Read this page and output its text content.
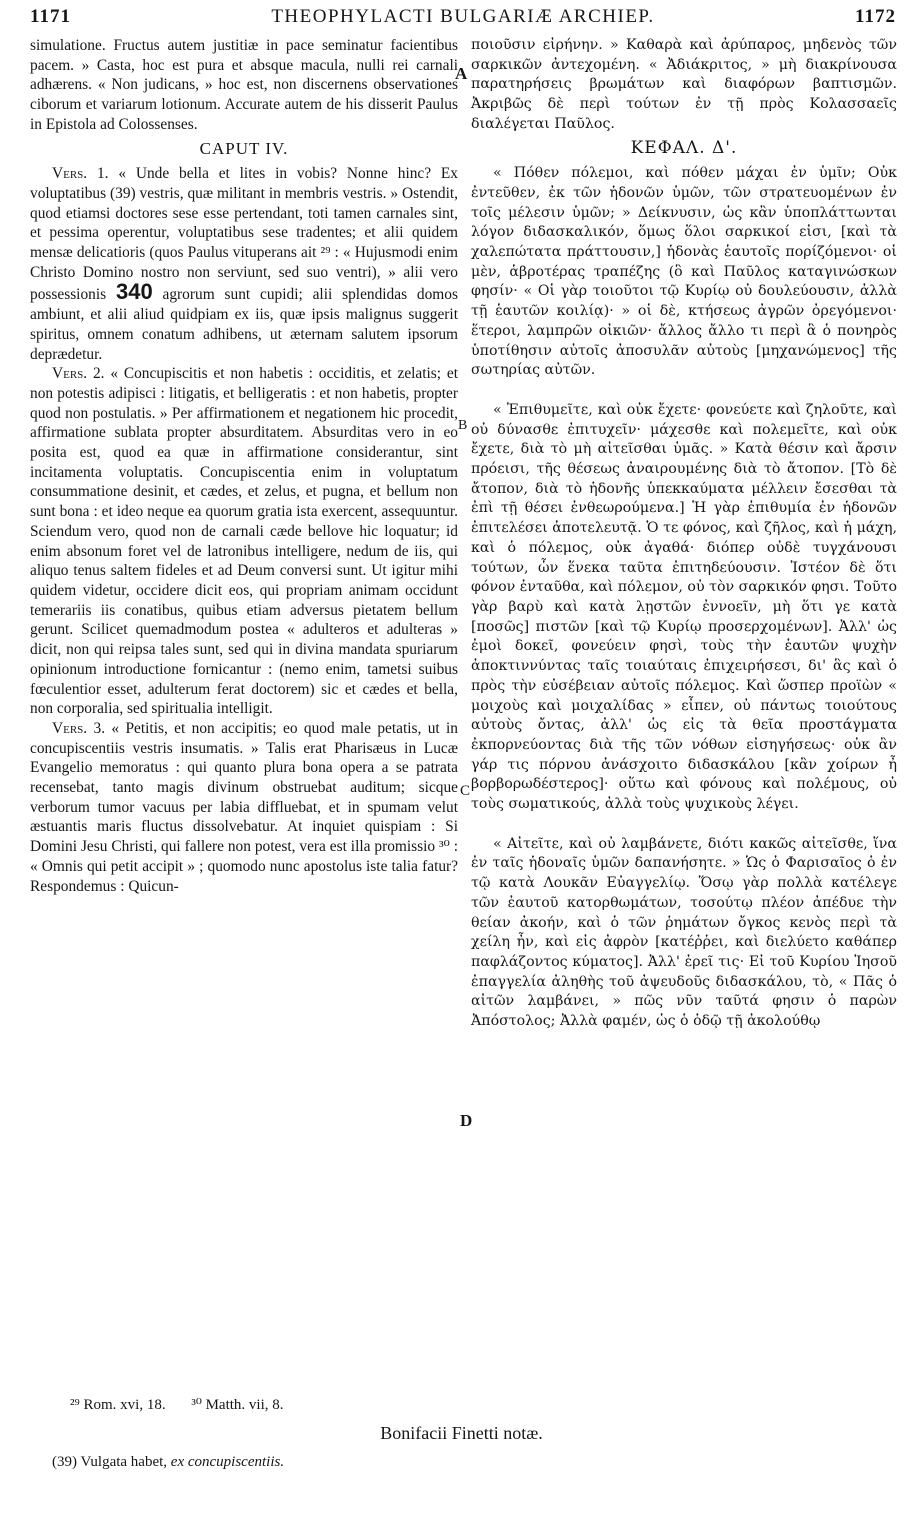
1171	THEOPHYLACTI BULGARIÆ ARCHIEP.	1172

simulatione. Fructus autem justitiæ in pace seminatur facientibus pacem. » Casta, hoc est pura et absque macula, nulli rei carnali adhærens. « Non judicans, » hoc est, non discernens observationes ciborum et variarum lotionum. Accurate autem de his disserit Paulus in Epistola ad Colossenses.

CAPUT IV.

Vers. 1. « Unde bella et lites in vobis? Nonne hinc? Ex voluptatibus (39) vestris, quæ militant in membris vestris. » Ostendit, quod etiamsi doctores sese esse pertendant, toti tamen carnales sint, et pessima operentur, voluptatibus sese tradentes; et alii quidem mensæ delicatioris (quos Paulus vituperans ait ²⁹ : « Hujusmodi enim Christo Domino nostro non serviunt, sed suo ventri), » alii vero possessionis 340 agrorum sunt cupidi; alii splendidas domos ambiunt, et alii aliud quidpiam ex iis, quæ ipsis malignus suggerit spiritus, omnem conatum adhibens, ut æternam salutem ipsorum deprædetur.

Vers. 2. « Concupiscitis et non habetis : occiditis, et zelatis; et non potestis adipisci : litigatis, et belligeratis : et non habetis, propter quod non postulatis. » Per affirmationem et negationem hic procedit, affirmatione sublata propter absurditatem. Absurditas vero in eo posita est, quod ea quæ in affirmatione considerantur, sint incitamenta voluptatis. Concupiscentia enim in voluptatum consummatione desinit, et cædes, et zelus, et pugna, et bellum non sunt bona : et ideo neque ea quorum gratia ista exercent, assequuntur. Sciendum vero, quod non de carnali cæde bellove hic loquatur; id enim absonum foret vel de latronibus intelligere, nedum de iis, qui aliquo tenus saltem fideles et ad Deum conversi sunt. Ut igitur mihi quidem videtur, occidere dicit eos, qui propriam animam occidunt temerariis iis conatibus, quibus etiam adversus pietatem bellum gerunt. Scilicet quemadmodum postea « adulteros et adulteras » dicit, non qui reipsa tales sunt, sed qui in divina mandata spuriarum opinionum introductione fornicantur : (nemo enim, tametsi suibus fœculentior esset, adulterum ferat doctorem) sic et cædes et bella, non corporalia, sed spiritualia intelligit.

Vers. 3. « Petitis, et non accipitis; eo quod male petatis, ut in concupiscentiis vestris insumatis. » Talis erat Pharisæus in Lucæ Evangelio memoratus : qui quanto plura bona opera a se patrata recensebat, tanto magis divinum obstruebat auditum; sicque verborum tumor vacuus per labia diffluebat, et in spumam velut æstuantis maris fluctus dissolvebatur. At inquiet quispiam : Si Domini Jesu Christi, qui fallere non potest, vera est illa promissio ³⁰ : « Omnis qui petit accipit » ; quomodo nunc apostolus iste talia fatur? Respondemus : Quicun-

A
B
C
D

ποιοῦσιν εἰρήνην. » Καθαρὰ καὶ ἀρύπαρος, μηδενὸς τῶν σαρκικῶν ἀντεχομένη. « Ἀδιάκριτος, » μὴ διακρίνουσα παρατηρήσεις βρωμάτων καὶ διαφόρων βαπτισμῶν. Ἀκριβῶς δὲ περὶ τούτων ἐν τῇ πρὸς Κολασσαεῖς διαλέγεται Παῦλος.

ΚΕΦΑΛ. Δ'.

« Πόθεν πόλεμοι, καὶ πόθεν μάχαι ἐν ὑμῖν; Οὐκ ἐντεῦθεν, ἐκ τῶν ἡδονῶν ὑμῶν, τῶν στρατευομένων ἐν τοῖς μέλεσιν ὑμῶν; » Δείκνυσιν, ὡς κἂν ὑποπλάττωνται λόγον διδασκαλικόν, ὅμως ὅλοι σαρκικοί εἰσι, [καὶ τὰ χαλεπώτατα πράττουσιν,] ἡδονὰς ἑαυτοῖς πορίζόμενοι· οἱ μὲν, ἁβροτέρας τραπέζης (ὃ καὶ Παῦλος καταγινώσκων φησίν· « Οἱ γὰρ τοιοῦτοι τῷ Κυρίῳ οὐ δουλεύουσιν, ἀλλὰ τῇ ἑαυτῶν κοιλίᾳ)· » οἱ δὲ, κτήσεως ἀγρῶν ὀρεγόμενοι· ἕτεροι, λαμπρῶν οἰκιῶν· ἄλλος ἄλλο τι περὶ ἃ ὁ πονηρὸς ὑποτίθησιν αὐτοῖς ἀποσυλᾶν αὐτοὺς [μηχανώμενος] τῆς σωτηρίας αὐτῶν.

« Ἐπιθυμεῖτε, καὶ οὐκ ἔχετε· φονεύετε καὶ ζηλοῦτε, καὶ οὐ δύνασθε ἐπιτυχεῖν· μάχεσθε καὶ πολεμεῖτε, καὶ οὐκ ἔχετε, διὰ τὸ μὴ αἰτεῖσθαι ὑμᾶς. » Κατὰ θέσιν καὶ ἄρσιν πρόεισι, τῆς θέσεως ἀναιρουμένης διὰ τὸ ἄτοπον. [Τὸ δὲ ἄτοπον, διὰ τὸ ἡδονῆς ὑπεκκαύματα μέλλειν ἔσεσθαι τὰ ἐπὶ τῇ θέσει ἐνθεωρούμενα.] Ἡ γὰρ ἐπιθυμία ἐν ἡδονῶν ἐπιτελέσει ἀποτελευτᾷ. Ὁ τε φόνος, καὶ ζῆλος, καὶ ἡ μάχη, καὶ ὁ πόλεμος, οὐκ ἀγαθά· διόπερ οὐδὲ τυγχάνουσι τούτων, ὧν ἕνεκα ταῦτα ἐπιτηδεύουσιν. Ἰστέον δὲ ὅτι φόνον ἐνταῦθα, καὶ πόλεμον, οὐ τὸν σαρκικόν φησι. Τοῦτο γὰρ βαρὺ καὶ κατὰ λῃστῶν ἐννοεῖν, μὴ ὅτι γε κατὰ [ποσῶς] πιστῶν [καὶ τῷ Κυρίῳ προσερχομένων]. Ἀλλ' ὡς ἐμοὶ δοκεῖ, φονεύειν φησὶ, τοὺς τὴν ἑαυτῶν ψυχὴν ἀποκτιννύντας ταῖς τοιαύταις ἐπιχειρήσεσι, δι' ἃς καὶ ὁ πρὸς τὴν εὐσέβειαν αὐτοῖς πόλεμος. Καὶ ὥσπερ προϊὼν « μοιχοὺς καὶ μοιχαλίδας » εἶπεν, οὐ πάντως τοιούτους αὐτοὺς ὄντας, ἀλλ' ὡς εἰς τὰ θεῖα προστάγματα ἐκπορνεύοντας διὰ τῆς τῶν νόθων εἰσηγήσεως· οὐκ ἂν γάρ τις πόρνου ἀνάσχοιτο διδασκάλου [κἂν χοίρων ἦ βορβορωδέστερος]· οὕτω καὶ φόνους καὶ πολέμους, οὐ τοὺς σωματικούς, ἀλλὰ τοὺς ψυχικοὺς λέγει.

« Αἰτεῖτε, καὶ οὐ λαμβάνετε, διότι κακῶς αἰτεῖσθε, ἵνα ἐν ταῖς ἡδοναῖς ὑμῶν δαπανήσητε. » Ὡς ὁ Φαρισαῖος ὁ ἐν τῷ κατὰ Λουκᾶν Εὐαγγελίῳ. Ὅσῳ γὰρ πολλὰ κατέλεγε τῶν ἑαυτοῦ κατορθωμάτων, τοσούτῳ πλέον ἀπέδυε τὴν θείαν ἀκοήν, καὶ ὁ τῶν ῥημάτων ὄγκος κενὸς περὶ τὰ χείλη ἦν, καὶ εἰς ἀφρὸν [κατέῤῥει, καὶ διελύετο καθάπερ παφλάζοντος κύματος]. Ἀλλ' ἐρεῖ τις· Εἰ τοῦ Κυρίου Ἰησοῦ ἐπαγγελία ἀληθὴς τοῦ ἀψευδοῦς διδασκάλου, τὸ, « Πᾶς ὁ αἰτῶν λαμβάνει, » πῶς νῦν ταῦτά φησιν ὁ παρὼν Ἀπόστολος; Ἀλλὰ φαμέν, ὡς ὁ ὁδῷ τῇ ἀκολούθῳ

²⁹ Rom. xvi, 18. ³⁰ Matth. vii, 8.
Bonifacii Finetti notæ.
(39) Vulgata habet, ex concupiscentiis.
